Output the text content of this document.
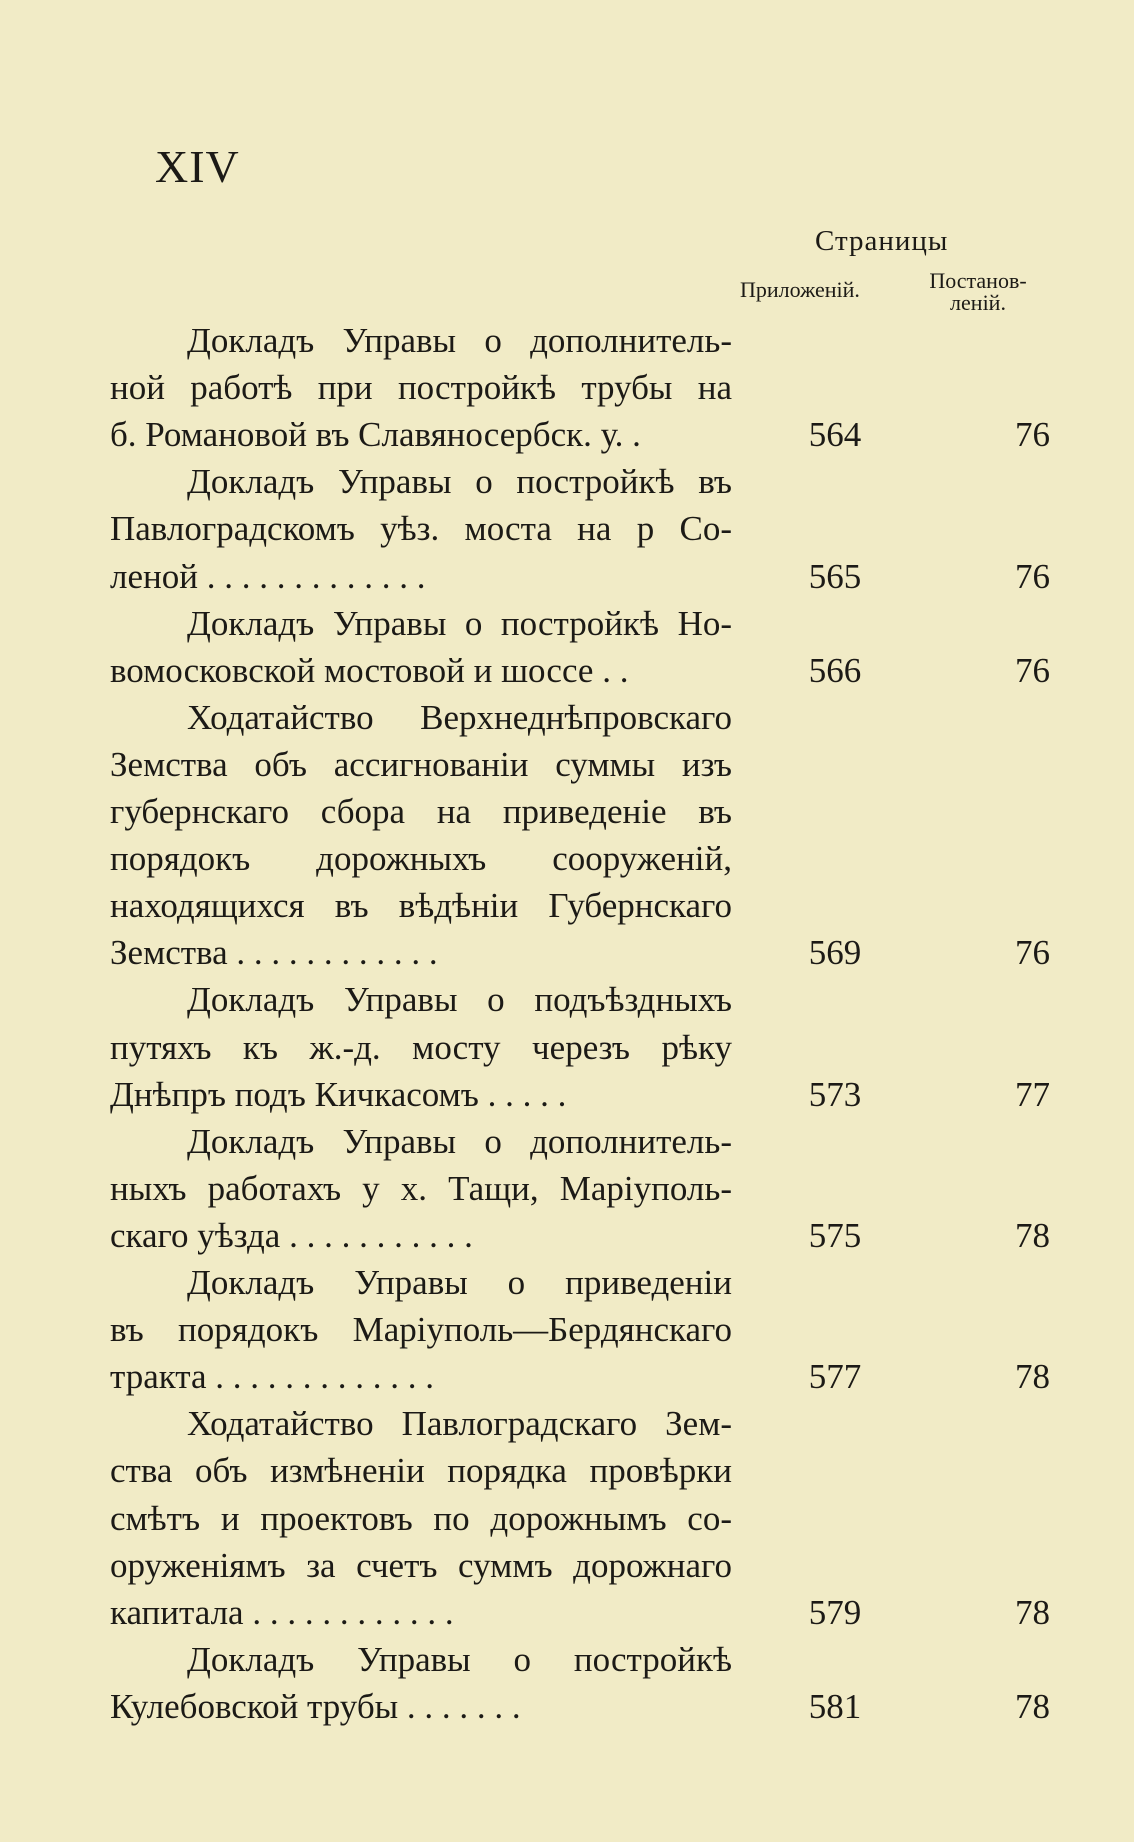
XIV
Страницы
Приложеній.	Постанов-
леній.
Докладъ Управы о дополнитель-
ной работѣ при постройкѣ трубы на
б. Романовой въ Славяносербск. у. .	564	76
Докладъ Управы о постройкѣ въ
Павлоградскомъ уѣз. моста на р Со-
леной . . . . . . . . . . . . .	565	76
Докладъ Управы о постройкѣ Но-
вомосковской мостовой и шоссе . .	566	76
Ходатайство Верхнеднѣпровскаго
Земства объ ассигнованіи суммы изъ
губернскаго сбора на приведеніе въ
порядокъ дорожныхъ сооруженій,
находящихся въ вѣдѣніи Губернскаго
Земства . . . . . . . . . . . .	569	76
Докладъ Управы о подъѣздныхъ
путяхъ къ ж.-д. мосту черезъ рѣку
Днѣпръ подъ Кичкасомъ . . . . .	573	77
Докладъ Управы о дополнитель-
ныхъ работахъ у х. Тащи, Маріуполь-
скаго уѣзда . . . . . . . . . . .	575	78
Докладъ Управы о приведеніи
въ порядокъ Маріуполь—Бердянскаго
тракта . . . . . . . . . . . . .	577	78
Ходатайство Павлоградскаго Зем-
ства объ измѣненіи порядка провѣрки
смѣтъ и проектовъ по дорожнымъ со-
оруженіямъ за счетъ суммъ дорожнаго
капитала . . . . . . . . . . . .	579	78
Докладъ Управы о постройкѣ
Кулебовской трубы . . . . . . .	581	78
